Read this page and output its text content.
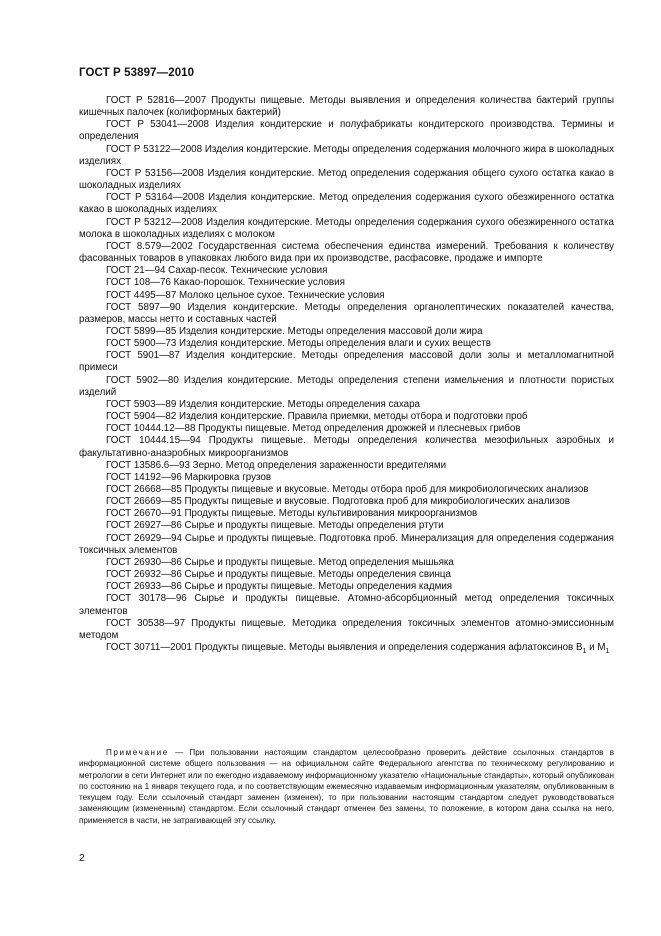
ГОСТ Р 53897—2010

ГОСТ Р 52816—2007 Продукты пищевые. Методы выявления и определения количества бактерий группы кишечных палочек (колиформных бактерий)

ГОСТ Р 53041—2008 Изделия кондитерские и полуфабрикаты кондитерского производства. Термины и определения

ГОСТ Р 53122—2008 Изделия кондитерские. Методы определения содержания молочного жира в шоколадных изделиях

ГОСТ Р 53156—2008 Изделия кондитерские. Метод определения содержания общего сухого остатка какао в шоколадных изделиях

ГОСТ Р 53164—2008 Изделия кондитерские. Метод определения содержания сухого обезжиренного остатка какао в шоколадных изделиях

ГОСТ Р 53212—2008 Изделия кондитерские. Методы определения содержания сухого обезжиренного остатка молока в шоколадных изделиях с молоком

ГОСТ 8.579—2002 Государственная система обеспечения единства измерений. Требования к количеству фасованных товаров в упаковках любого вида при их производстве, расфасовке, продаже и импорте

ГОСТ 21—94 Сахар-песок. Технические условия

ГОСТ 108—76 Какао-порошок. Технические условия

ГОСТ 4495—87 Молоко цельное сухое. Технические условия

ГОСТ 5897—90 Изделия кондитерские. Методы определения органолептических показателей качества, размеров, массы нетто и составных частей

ГОСТ 5899—85 Изделия кондитерские. Методы определения массовой доли жира

ГОСТ 5900—73 Изделия кондитерские. Методы определения влаги и сухих веществ

ГОСТ 5901—87 Изделия кондитерские. Методы определения массовой доли золы и металломагнитной примеси

ГОСТ 5902—80 Изделия кондитерские. Методы определения степени измельчения и плотности пористых изделий

ГОСТ 5903—89 Изделия кондитерские. Методы определения сахара

ГОСТ 5904—82 Изделия кондитерские. Правила приемки, методы отбора и подготовки проб

ГОСТ 10444.12—88 Продукты пищевые. Метод определения дрожжей и плесневых грибов

ГОСТ 10444.15—94 Продукты пищевые. Методы определения количества мезофильных аэробных и факультативно-анаэробных микроорганизмов

ГОСТ 13586.6—93 Зерно. Метод определения зараженности вредителями

ГОСТ 14192—96 Маркировка грузов

ГОСТ 26668—85 Продукты пищевые и вкусовые. Методы отбора проб для микробиологических анализов

ГОСТ 26669—85 Продукты пищевые и вкусовые. Подготовка проб для микробиологических анализов

ГОСТ 26670—91 Продукты пищевые. Методы культивирования микроорганизмов

ГОСТ 26927—86 Сырье и продукты пищевые. Методы определения ртути

ГОСТ 26929—94 Сырье и продукты пищевые. Подготовка проб. Минерализация для определения содержания токсичных элементов

ГОСТ 26930—86 Сырье и продукты пищевые. Метод определения мышьяка

ГОСТ 26932—86 Сырье и продукты пищевые. Методы определения свинца

ГОСТ 26933—86 Сырье и продукты пищевые. Методы определения кадмия

ГОСТ 30178—96 Сырье и продукты пищевые. Атомно-абсорбционный метод определения токсичных элементов

ГОСТ 30538—97 Продукты пищевые. Методика определения токсичных элементов атомно-эмиссионным методом

ГОСТ 30711—2001 Продукты пищевые. Методы выявления и определения содержания афлатоксинов $В_1$ и $М_1$

Примечание — При пользовании настоящим стандартом целесообразно проверить действие ссылочных стандартов в информационной системе общего пользования — на официальном сайте Федерального агентства по техническому регулированию и метрологии в сети Интернет или по ежегодно издаваемому информационному указателю «Национальные стандарты», который опубликован по состоянию на 1 января текущего года, и по соответствующим ежемесячно издаваемым информационным указателям, опубликованным в текущем году. Если ссылочный стандарт заменен (изменен), то при пользовании настоящим стандартом следует руководствоваться заменяющим (измененным) стандартом. Если ссылочный стандарт отменен без замены, то положение, в котором дана ссылка на него, применяется в части, не затрагивающей эту ссылку.

2
